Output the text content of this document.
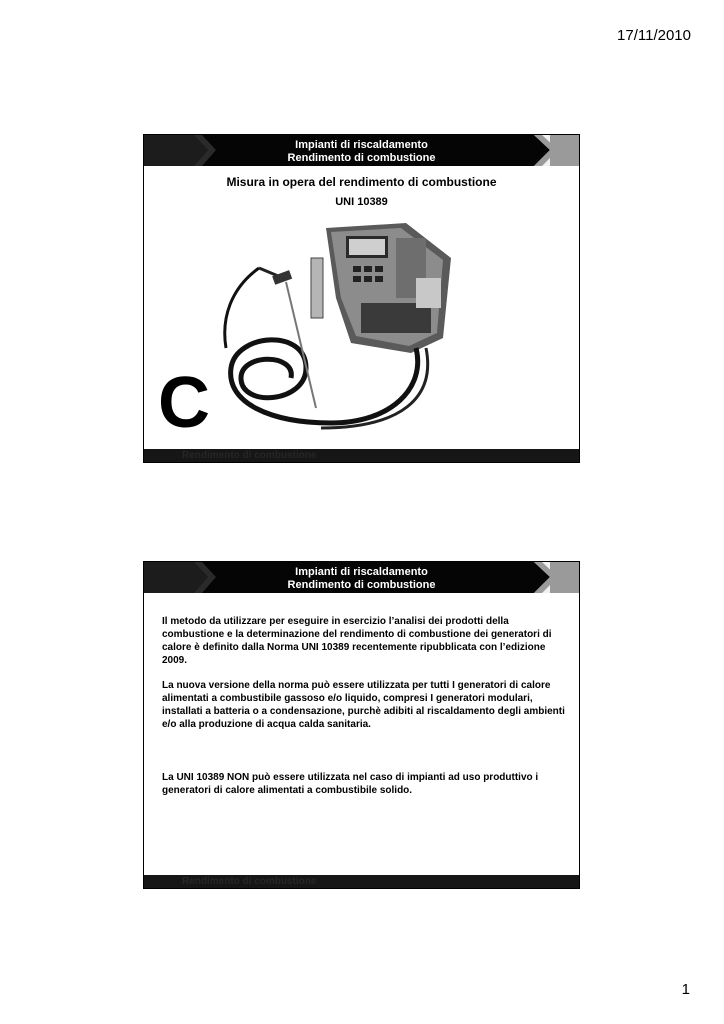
17/11/2010
Impianti di riscaldamento
Rendimento di combustione
Misura in opera del rendimento di combustione
UNI 10389
C
Rendimento di combustione
Impianti di riscaldamento
Rendimento di combustione

Il metodo da utilizzare per eseguire in esercizio l’analisi dei prodotti della combustione e la determinazione del rendimento di combustione dei generatori di calore è definito dalla Norma UNI 10389 recentemente ripubblicata con l’edizione 2009.

La nuova versione della norma può essere utilizzata per tutti I generatori di calore alimentati a combustibile gassoso e/o liquido, compresi I generatori modulari, installati a batteria o a condensazione, purchè adibiti al riscaldamento degli ambienti e/o alla produzione di acqua calda sanitaria.

La UNI 10389 NON può essere utilizzata nel caso di impianti ad uso produttivo i generatori di calore alimentati a combustibile solido.

Rendimento di combustione
1
